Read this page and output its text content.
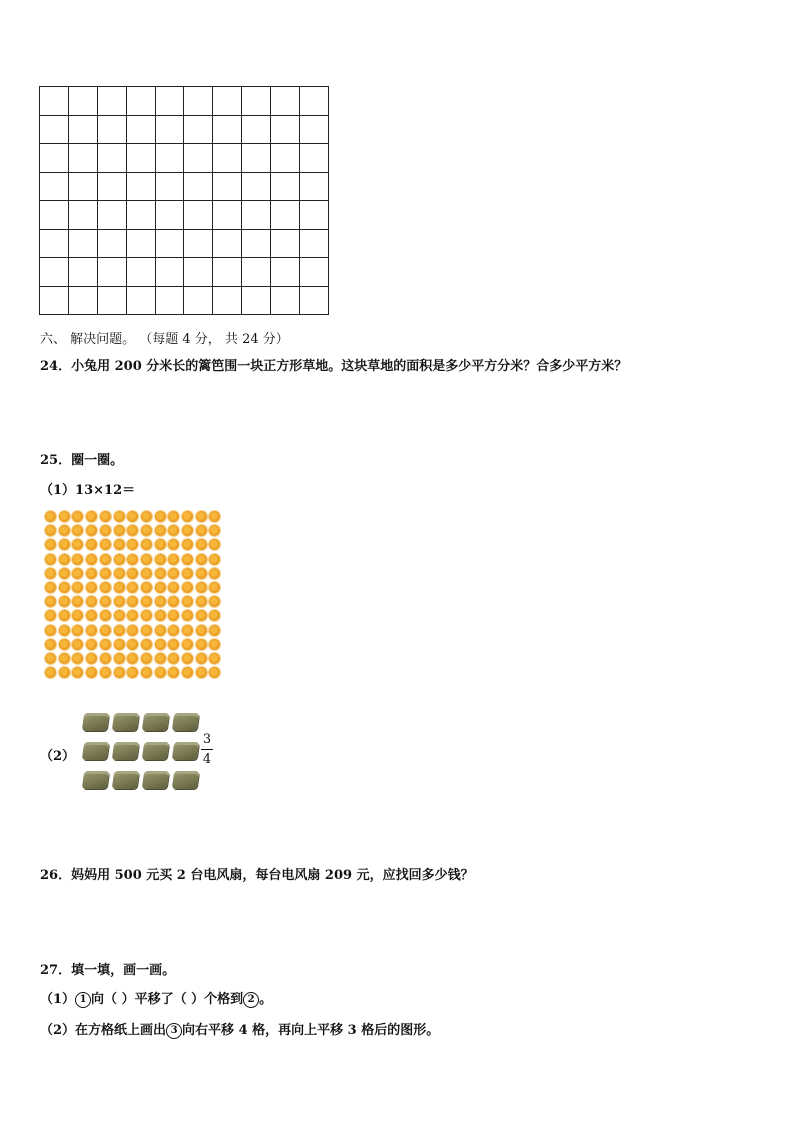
六、 解决问题。 （每题 4 分， 共 24 分）
24．小兔用 200 分米长的篱笆围一块正方形草地。这块草地的面积是多少平方分米？合多少平方米？
25．圈一圈。
（1）13×12＝
（2）
3
4
26．妈妈用 500 元买 2 台电风扇，每台电风扇 209 元，应找回多少钱？
27．填一填，画一画。
（1） 1 向（ ）平移了（ ）个格到 2 。
（2）在方格纸上画出 3 向右平移 4 格，再向上平移 3 格后的图形。
